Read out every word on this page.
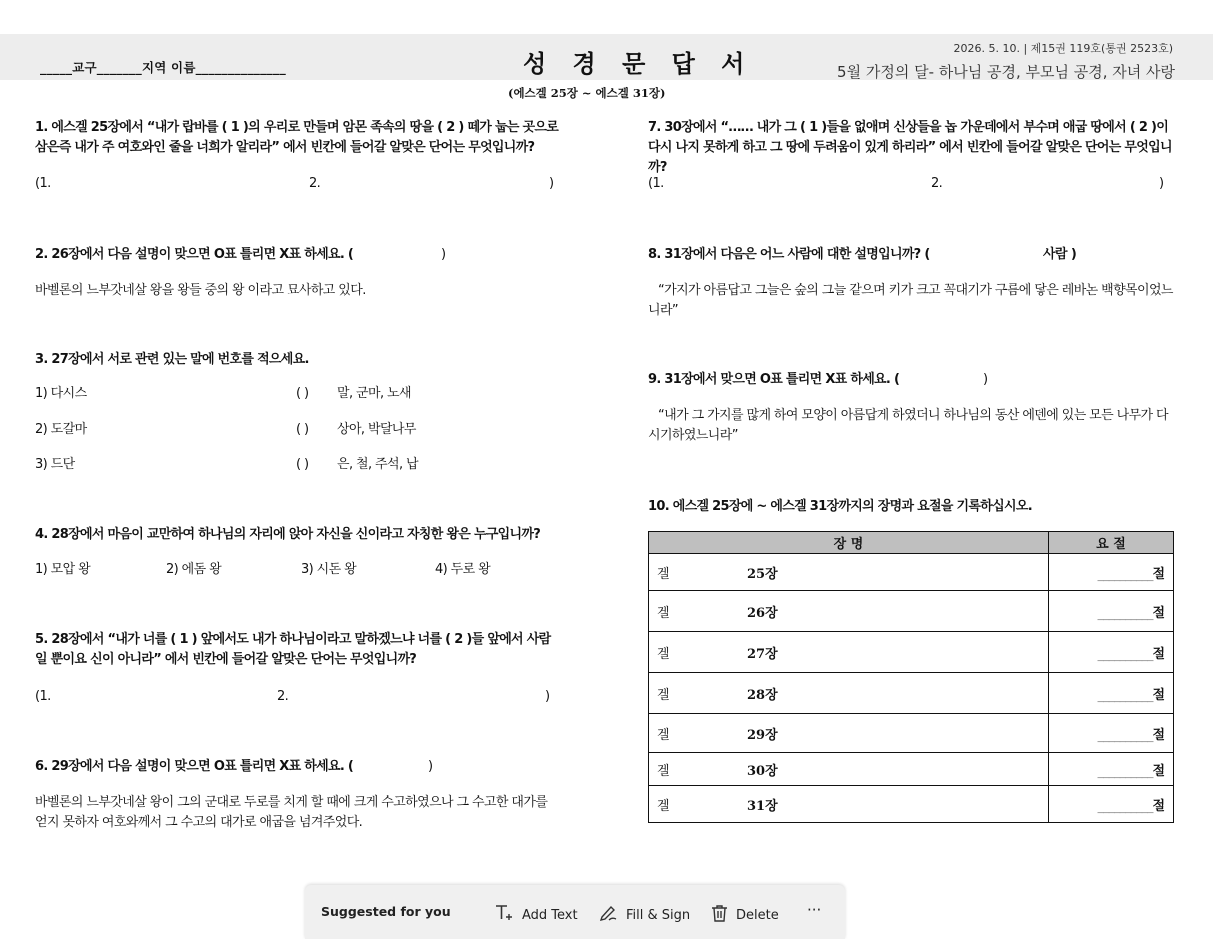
_____교구_______지역 이름______________	성 경 문 답 서
2026. 5. 10. | 제15권 119호(통권 2523호)
5월 가정의 달- 하나님 공경, 부모님 공경, 자녀 사랑
(에스겔 25장 ~ 에스겔 31장)
1. 에스겔 25장에서 “내가 랍바를 ( 1 )의 우리로 만들며 암몬 족속의 땅을 ( 2 ) 떼가 눕는 곳으로 삼은즉 내가 주 여호와인 줄을 너희가 알리라” 에서 빈칸에 들어갈 알맞은 단어는 무엇입니까?
(1.	2.	)
2. 26장에서 다음 설명이 맞으면 O표 틀리면 X표 하세요. (	)
바벨론의 느부갓네살 왕을 왕들 중의 왕 이라고 묘사하고 있다.
3. 27장에서 서로 관련 있는 말에 번호를 적으세요.
1) 다시스	( ) 말, 군마, 노새
2) 도갈마	( ) 상아, 박달나무
3) 드단	( ) 은, 철, 주석, 납
4. 28장에서 마음이 교만하여 하나님의 자리에 앉아 자신을 신이라고 자칭한 왕은 누구입니까?
1) 모압 왕	2) 에돔 왕	3) 시돈 왕	4) 두로 왕
5. 28장에서 “내가 너를 ( 1 ) 앞에서도 내가 하나님이라고 말하겠느냐 너를 ( 2 )들 앞에서 사람일 뿐이요 신이 아니라” 에서 빈칸에 들어갈 알맞은 단어는 무엇입니까?
(1.	2.	)
6. 29장에서 다음 설명이 맞으면 O표 틀리면 X표 하세요. (	)
바벨론의 느부갓네살 왕이 그의 군대로 두로를 치게 할 때에 크게 수고하였으나 그 수고한 대가를 얻지 못하자 여호와께서 그 수고의 대가로 애굽을 넘겨주었다.
7. 30장에서 “…… 내가 그 ( 1 )들을 없애며 신상들을 놉 가운데에서 부수며 애굽 땅에서 ( 2 )이 다시 나지 못하게 하고 그 땅에 두려움이 있게 하리라” 에서 빈칸에 들어갈 알맞은 단어는 무엇입니까?
(1.	2.	)
8. 31장에서 다음은 어느 사람에 대한 설명입니까? (	사람 )
“가지가 아름답고 그늘은 숲의 그늘 같으며 키가 크고 꼭대기가 구름에 닿은 레바논 백향목이었느니라”
9. 31장에서 맞으면 O표 틀리면 X표 하세요. (	)
“내가 그 가지를 많게 하여 모양이 아름답게 하였더니 하나님의 동산 에덴에 있는 모든 나무가 다 시기하였느니라”
10. 에스겔 25장에 ~ 에스겔 31장까지의 장명과 요절을 기록하십시오.
장 명	요 절
겔 25장	__________절
겔 26장	__________절
겔 27장	__________절
겔 28장	__________절
겔 29장	__________절
겔 30장	__________절
겔 31장	__________절
Suggested for you	Add Text	Fill & Sign	Delete ···
